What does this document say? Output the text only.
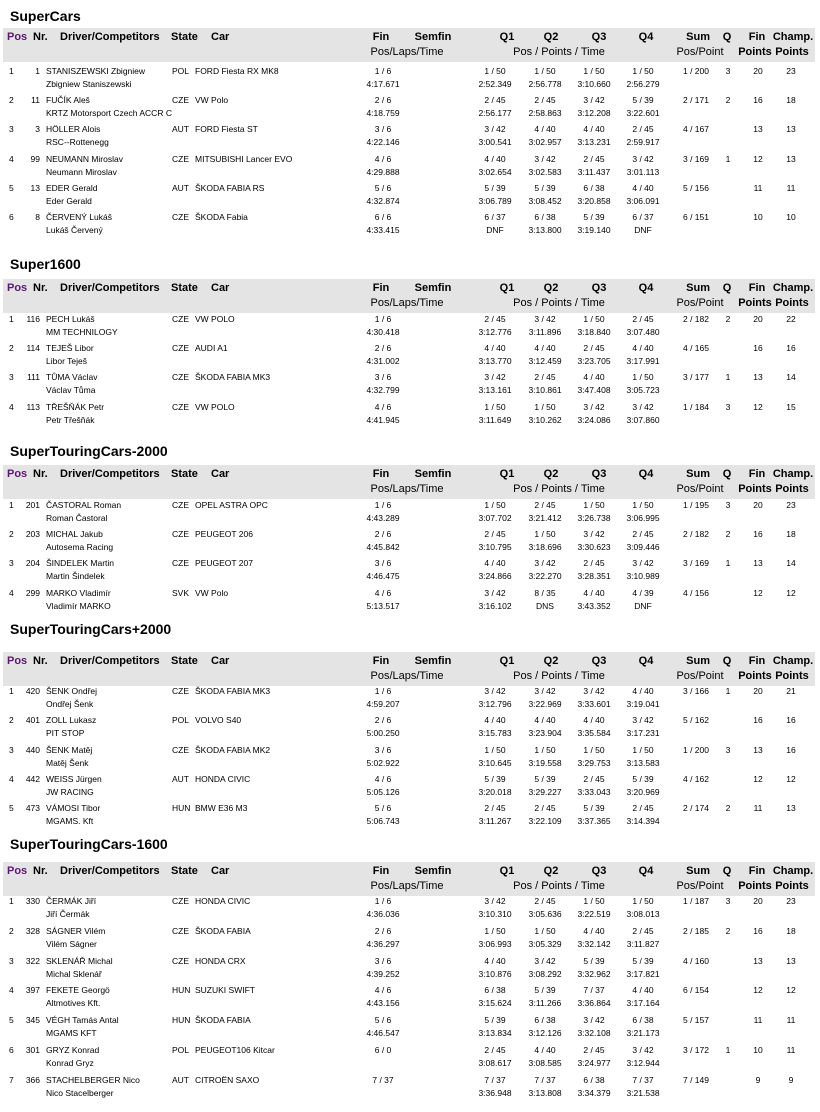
SuperCars
Pos Nr. Driver/Competitors State Car	Fin Semfin	Q1	Q2	Q3	Q4	Sum Q Fin Champ.
Pos/Laps/Time	Pos / Points / Time	Pos/Point Points Points
1	1 STANISZEWSKI Zbigniew	POL FORD Fiesta RX MK8	1 / 6	1 / 50	1 / 50	1 / 50	1 / 50	1 / 200 3	20	23
Zbigniew Staniszewski	4:17.671	2:52.349 2:56.778 3:10.660 2:56.279
2 11 FUČÍK Aleš	CZE VW Polo	2 / 6	2 / 45	2 / 45	3 / 42	5 / 39	2 / 171 2	16	18
KRTZ Motorsport Czech ACCR C	4:18.759	2:56.177 2:58.863 3:12.208 3:22.601
3	3 HÖLLER Alois	AUT FORD Fiesta ST	3 / 6	3 / 42	4 / 40	4 / 40	2 / 45	4 / 167	13	13
RSC--Rottenegg	4:22.146	3:00.541 3:02.957 3:13.231 2:59.917
4 99 NEUMANN Miroslav	CZE MITSUBISHI Lancer EVO	4 / 6	4 / 40	3 / 42	2 / 45	3 / 42	3 / 169 1	12	13
Neumann Miroslav	4:29.888	3:02.654 3:02.583 3:11.437 3:01.113
5 13 EDER Gerald	AUT ŠKODA FABIA RS	5 / 6	5 / 39	5 / 39	6 / 38	4 / 40	5 / 156	11	11
Eder Gerald	4:32.874	3:06.789 3:08.452 3:20.858 3:06.091
6	8 ČERVENÝ Lukáš	CZE ŠKODA Fabia	6 / 6	6 / 37	6 / 38	5 / 39	6 / 37	6 / 151	10	10
Lukáš Červený	4:33.415	DNF	3:13.800 3:19.140	DNF
Super1600
Pos Nr. Driver/Competitors State Car	Fin Semfin	Q1	Q2	Q3	Q4	Sum Q Fin Champ.
Pos/Laps/Time	Pos / Points / Time	Pos/Point Points Points
1 116 PECH Lukáš	CZE VW POLO	1 / 6	2 / 45	3 / 42	1 / 50	2 / 45	2 / 182 2	20	22
MM TECHNILOGY	4:30.418	3:12.776 3:11.896 3:18.840 3:07.480
2 114 TEJEŠ Libor	CZE AUDI A1	2 / 6	4 / 40	4 / 40	2 / 45	4 / 40	4 / 165	16	16
Libor Teješ	4:31.002	3:13.770 3:12.459 3:23.705 3:17.991
3 111 TŮMA Václav	CZE ŠKODA FABIA MK3	3 / 6	3 / 42	2 / 45	4 / 40	1 / 50	3 / 177 1	13	14
Václav Tůma	4:32.799	3:13.161 3:10.861 3:47.408 3:05.723
4 113 TŘEŠŇÁK Petr	CZE VW POLO	4 / 6	1 / 50	1 / 50	3 / 42	3 / 42	1 / 184 3	12	15
Petr Třešňák	4:41.945	3:11.649 3:10.262 3:24.086 3:07.860
SuperTouringCars-2000
Pos Nr. Driver/Competitors State Car	Fin Semfin	Q1	Q2	Q3	Q4	Sum Q Fin Champ.
Pos/Laps/Time	Pos / Points / Time	Pos/Point Points Points
1 201 ČASTORAL Roman	CZE OPEL ASTRA OPC	1 / 6	1 / 50	2 / 45	1 / 50	1 / 50	1 / 195 3	20	23
Roman Častoral	4:43.289	3:07.702 3:21.412 3:26.738 3:06.995
2 203 MICHAL Jakub	CZE PEUGEOT 206	2 / 6	2 / 45	1 / 50	3 / 42	2 / 45	2 / 182 2	16	18
Autosema Racing	4:45.842	3:10.795 3:18.696 3:30.623 3:09.446
3 204 ŠINDELEK Martin	CZE PEUGEOT 207	3 / 6	4 / 40	3 / 42	2 / 45	3 / 42	3 / 169 1	13	14
Martin Šindelek	4:46.475	3:24.866 3:22.270 3:28.351 3:10.989
4 299 MARKO Vladimír	SVK VW Polo	4 / 6	3 / 42	8 / 35	4 / 40	4 / 39	4 / 156	12	12
Vladimír MARKO	5:13.517	3:16.102	DNS	3:43.352	DNF
SuperTouringCars+2000
Pos Nr. Driver/Competitors State Car	Fin Semfin	Q1	Q2	Q3	Q4	Sum Q Fin Champ.
Pos/Laps/Time	Pos / Points / Time	Pos/Point Points Points
1 420 ŠENK Ondřej	CZE ŠKODA FABIA MK3	1 / 6	3 / 42	3 / 42	3 / 42	4 / 40	3 / 166 1	20	21
Ondřej Šenk	4:59.207	3:12.796 3:22.969 3:33.601 3:19.041
2 401 ZOLL Lukasz	POL VOLVO S40	2 / 6	4 / 40	4 / 40	4 / 40	3 / 42	5 / 162	16	16
PIT STOP	5:00.250	3:15.783 3:23.904 3:35.584 3:17.231
3 440 ŠENK Matěj	CZE ŠKODA FABIA MK2	3 / 6	1 / 50	1 / 50	1 / 50	1 / 50	1 / 200 3	13	16
Matěj Šenk	5:02.922	3:10.645 3:19.558 3:29.753 3:13.583
4 442 WEISS Jürgen	AUT HONDA CIVIC	4 / 6	5 / 39	5 / 39	2 / 45	5 / 39	4 / 162	12	12
JW RACING	5:05.126	3:20.018 3:29.227 3:33.043 3:20.969
5 473 VÁMOSI Tibor	HUN BMW E36 M3	5 / 6	2 / 45	2 / 45	5 / 39	2 / 45	2 / 174 2	11	13
MGAMS. Kft	5:06.743	3:11.267 3:22.109 3:37.365 3:14.394
SuperTouringCars-1600
Pos Nr. Driver/Competitors State Car	Fin Semfin	Q1	Q2	Q3	Q4	Sum Q Fin Champ.
Pos/Laps/Time	Pos / Points / Time	Pos/Point Points Points
1 330 ČERMÁK Jiří	CZE HONDA CIVIC	1 / 6	3 / 42	2 / 45	1 / 50	1 / 50	1 / 187 3	20	23
Jiří Čermák	4:36.036	3:10.310 3:05.636 3:22.519 3:08.013
2 328 SÁGNER Vilém	CZE ŠKODA FABIA	2 / 6	1 / 50	1 / 50	4 / 40	2 / 45	2 / 185 2	16	18
Vilém Ságner	4:36.297	3:06.993 3:05.329 3:32.142 3:11.827
3 322 SKLENÁŘ Michal	CZE HONDA CRX	3 / 6	4 / 40	3 / 42	5 / 39	5 / 39	4 / 160	13	13
Michal Sklenář	4:39.252	3:10.876 3:08.292 3:32.962 3:17.821
4 397 FEKETE Georgö	HUN SUZUKI SWIFT	4 / 6	6 / 38	5 / 39	7 / 37	4 / 40	6 / 154	12	12
Altmotives Kft.	4:43.156	3:15.624 3:11.266 3:36.864 3:17.164
5 345 VÉGH Tamás Antal	HUN ŠKODA FABIA	5 / 6	5 / 39	6 / 38	3 / 42	6 / 38	5 / 157	11	11
MGAMS KFT	4:46.547	3:13.834 3:12.126 3:32.108 3:21.173
6 301 GRYZ Konrad	POL PEUGEOT106 Kitcar	6 / 0	2 / 45	4 / 40	2 / 45	3 / 42	3 / 172 1	10	11
Konrad Gryz	3:08.617 3:08.585 3:24.977 3:12.944
7 366 STACHELBERGER Nico	AUT CITROËN SAXO	7 / 37	7 / 37	7 / 37	6 / 38	7 / 37	7 / 149	9	9
Nico Stacelberger	3:36.948 3:13.808 3:34.379 3:21.538
